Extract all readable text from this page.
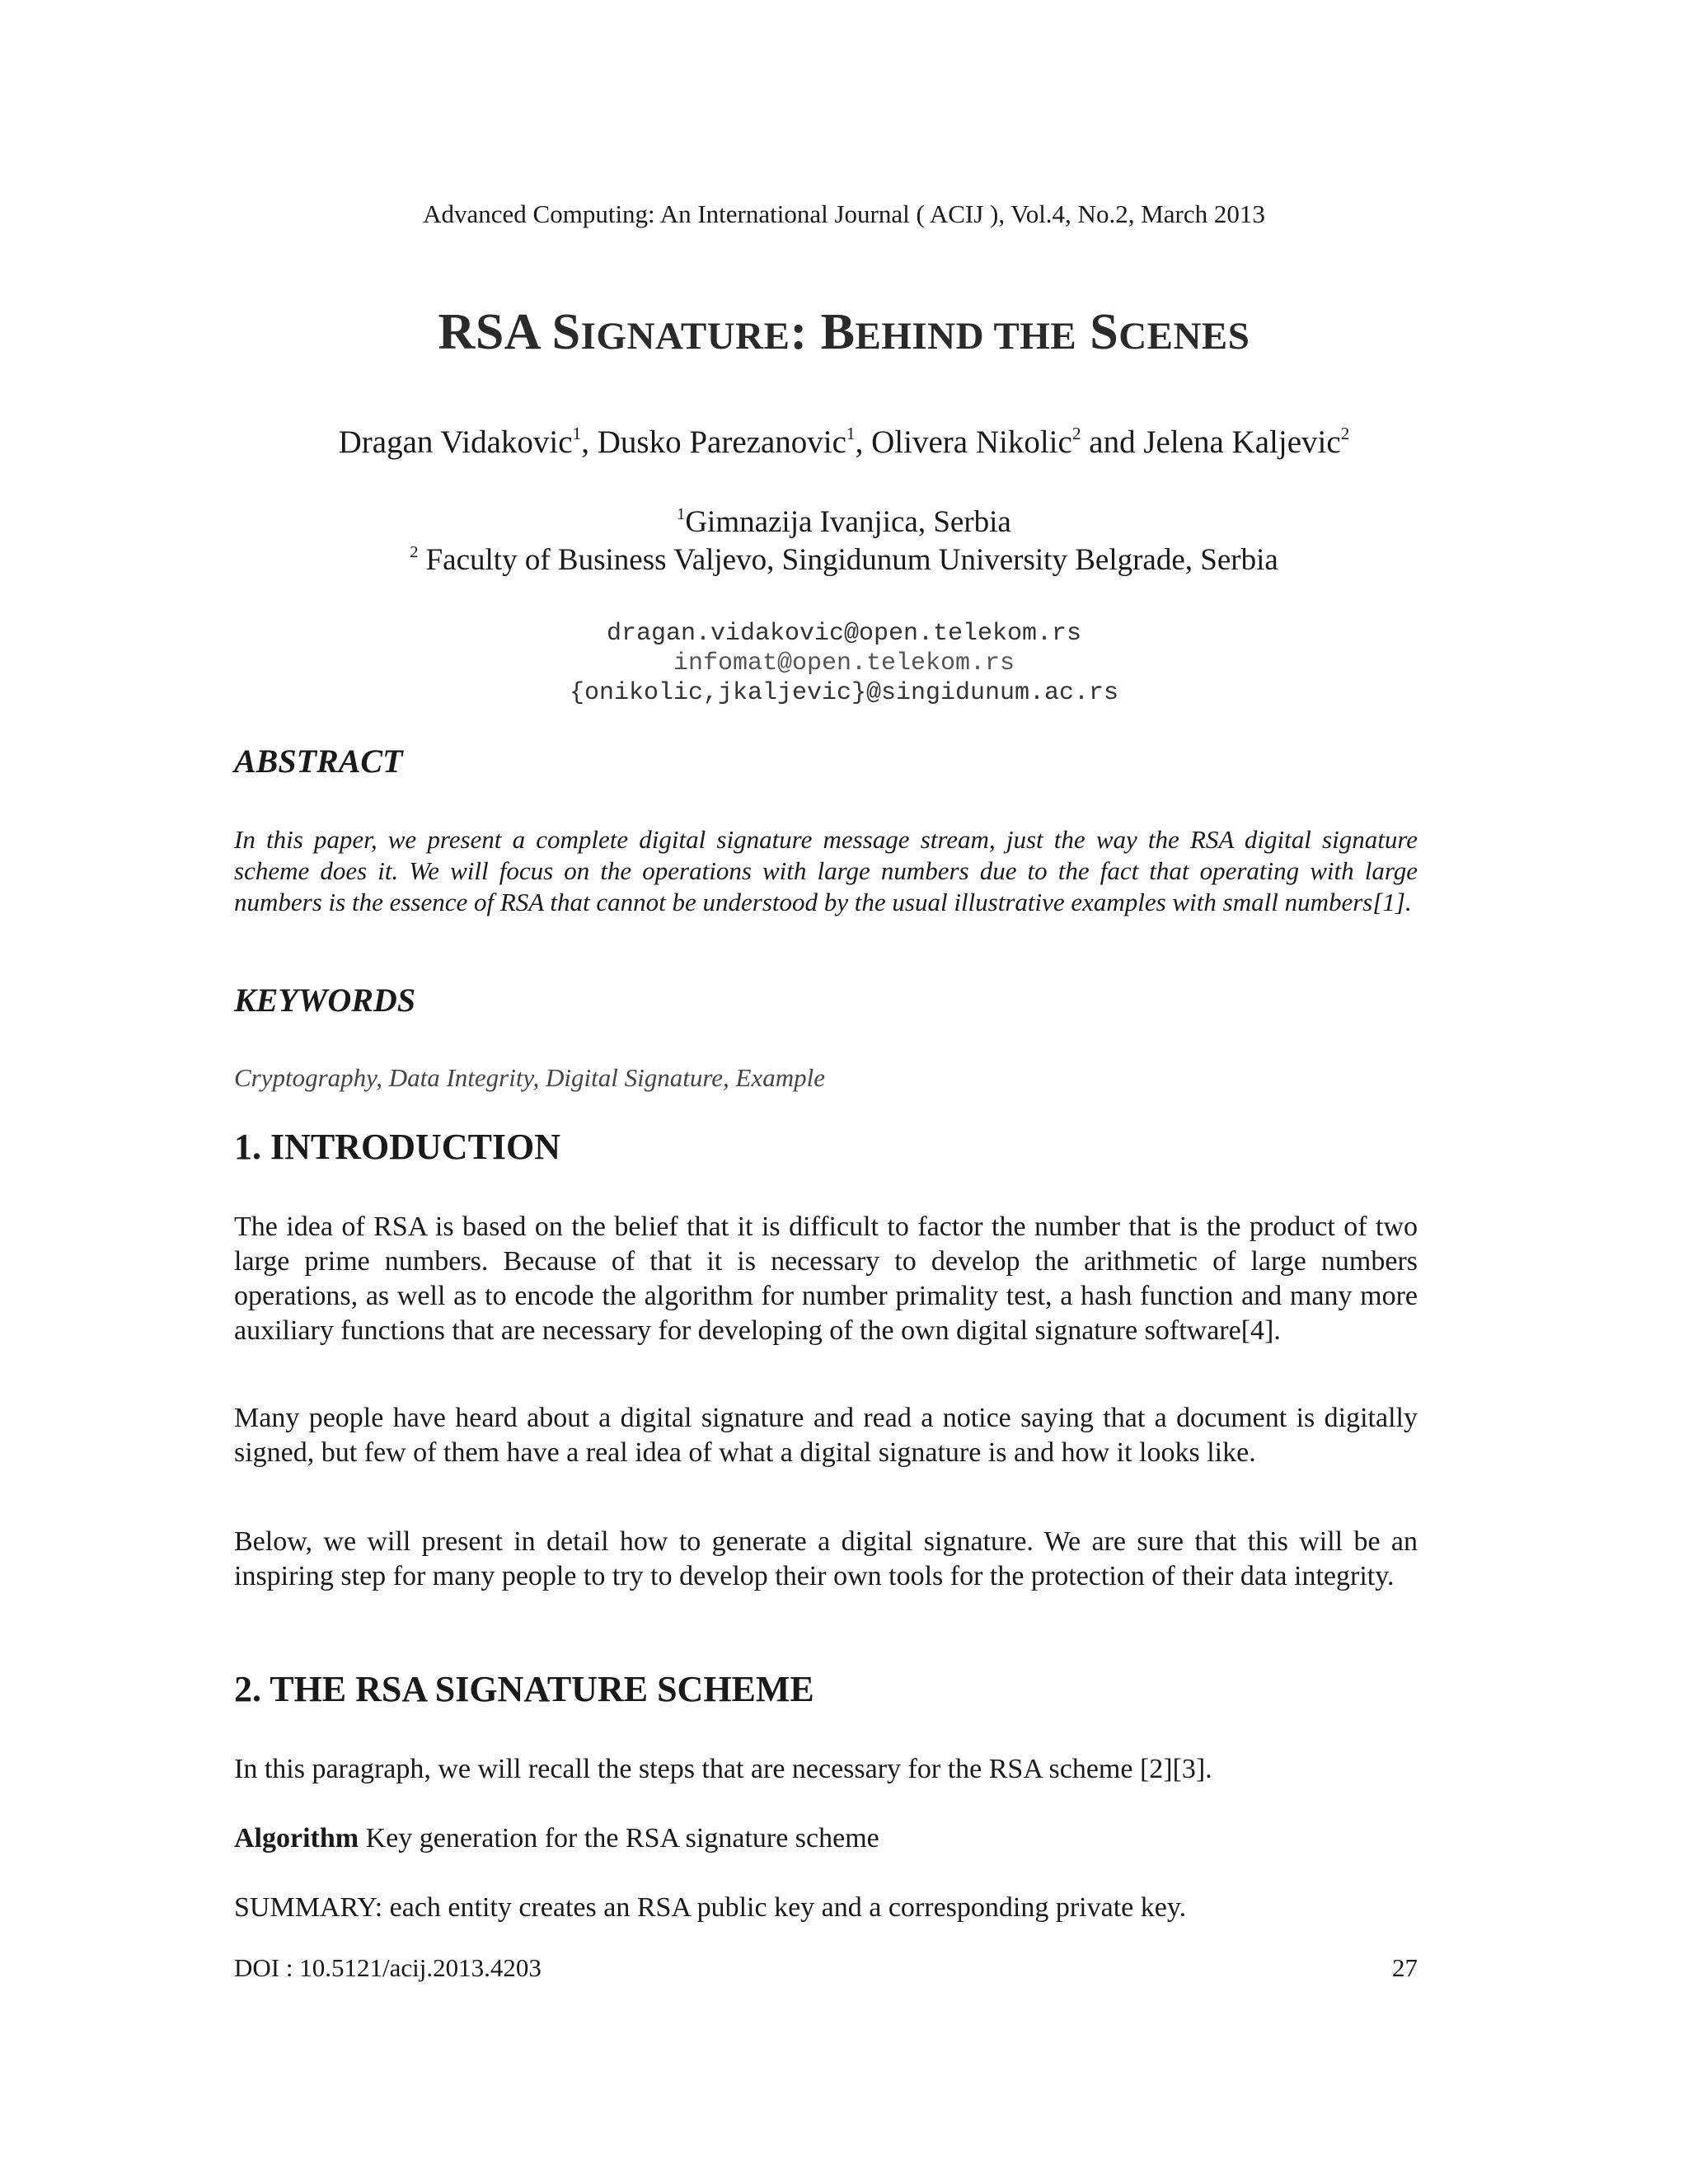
Advanced Computing: An International Journal ( ACIJ ), Vol.4, No.2, March 2013
RSA SIGNATURE: BEHIND THE SCENES
Dragan Vidakovic$^1$, Dusko Parezanovic$^1$, Olivera Nikolic$^2$ and Jelena Kaljevic$^2$
$^1$Gimnazija Ivanjica, Serbia
$^2$ Faculty of Business Valjevo, Singidunum University Belgrade, Serbia
dragan.vidakovic@open.telekom.rs
infomat@open.telekom.rs
{onikolic,jkaljevic}@singidunum.ac.rs
ABSTRACT
In this paper, we present a complete digital signature message stream, just the way the RSA digital signature scheme does it. We will focus on the operations with large numbers due to the fact that operating with large numbers is the essence of RSA that cannot be understood by the usual illustrative examples with small numbers[1].
KEYWORDS
Cryptography, Data Integrity, Digital Signature, Example
1. INTRODUCTION

The idea of RSA is based on the belief that it is difficult to factor the number that is the product of two large prime numbers. Because of that it is necessary to develop the arithmetic of large numbers operations, as well as to encode the algorithm for number primality test, a hash function and many more auxiliary functions that are necessary for developing of the own digital signature software[4].

Many people have heard about a digital signature and read a notice saying that a document is digitally signed, but few of them have a real idea of what a digital signature is and how it looks like.

Below, we will present in detail how to generate a digital signature. We are sure that this will be an inspiring step for many people to try to develop their own tools for the protection of their data integrity.

2. THE RSA SIGNATURE SCHEME

In this paragraph, we will recall the steps that are necessary for the RSA scheme [2][3].

Algorithm Key generation for the RSA signature scheme

SUMMARY: each entity creates an RSA public key and a corresponding private key.

DOI : 10.5121/acij.2013.4203	27
